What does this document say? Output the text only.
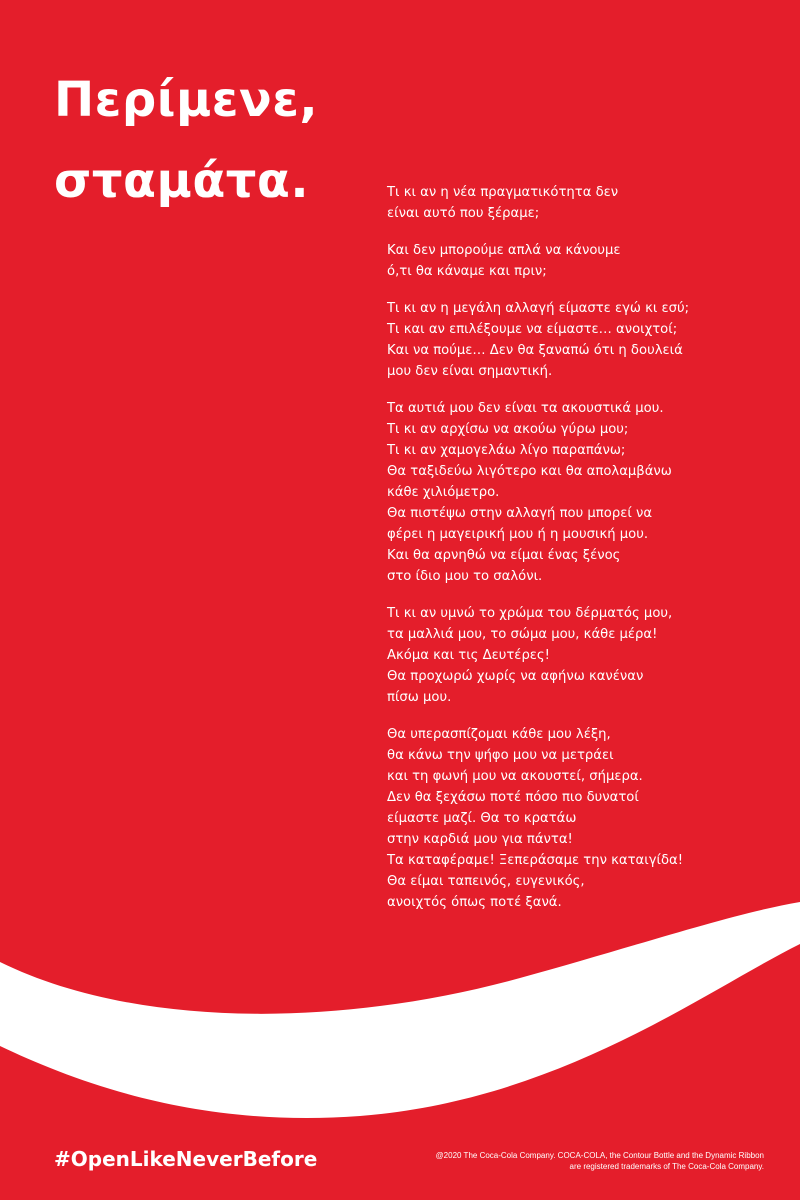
Περίμενε,
σταμάτα.	Τι κι αν η νέα πραγματικότητα δεν
είναι αυτό που ξέραμε;

Και δεν μπορούμε απλά να κάνουμε
ό,τι θα κάναμε και πριν;

Τι κι αν η μεγάλη αλλαγή είμαστε εγώ κι εσύ;
Τι και αν επιλέξουμε να είμαστε… ανοιχτοί;
Και να πούμε… Δεν θα ξαναπώ ότι η δουλειά
μου δεν είναι σημαντική.

Τα αυτιά μου δεν είναι τα ακουστικά μου.
Τι κι αν αρχίσω να ακούω γύρω μου;
Τι κι αν χαμογελάω λίγο παραπάνω;
Θα ταξιδεύω λιγότερο και θα απολαμβάνω
κάθε χιλιόμετρο.
Θα πιστέψω στην αλλαγή που μπορεί να
φέρει η μαγειρική μου ή η μουσική μου.
Και θα αρνηθώ να είμαι ένας ξένος
στο ίδιο μου το σαλόνι.

Τι κι αν υμνώ το χρώμα του δέρματός μου,
τα μαλλιά μου, το σώμα μου, κάθε μέρα!
Ακόμα και τις Δευτέρες!
Θα προχωρώ χωρίς να αφήνω κανέναν
πίσω μου.

Θα υπερασπίζομαι κάθε μου λέξη,
θα κάνω την ψήφο μου να μετράει
και τη φωνή μου να ακουστεί, σήμερα.
Δεν θα ξεχάσω ποτέ πόσο πιο δυνατοί
είμαστε μαζί. Θα το κρατάω
στην καρδιά μου για πάντα!
Τα καταφέραμε! Ξεπεράσαμε την καταιγίδα!
Θα είμαι ταπεινός, ευγενικός,
ανοιχτός όπως ποτέ ξανά.

#OpenLikeNeverBefore	@2020 The Coca-Cola Company. COCA-COLA, the Contour Bottle and the Dynamic Ribbon
are registered trademarks of The Coca-Cola Company.
